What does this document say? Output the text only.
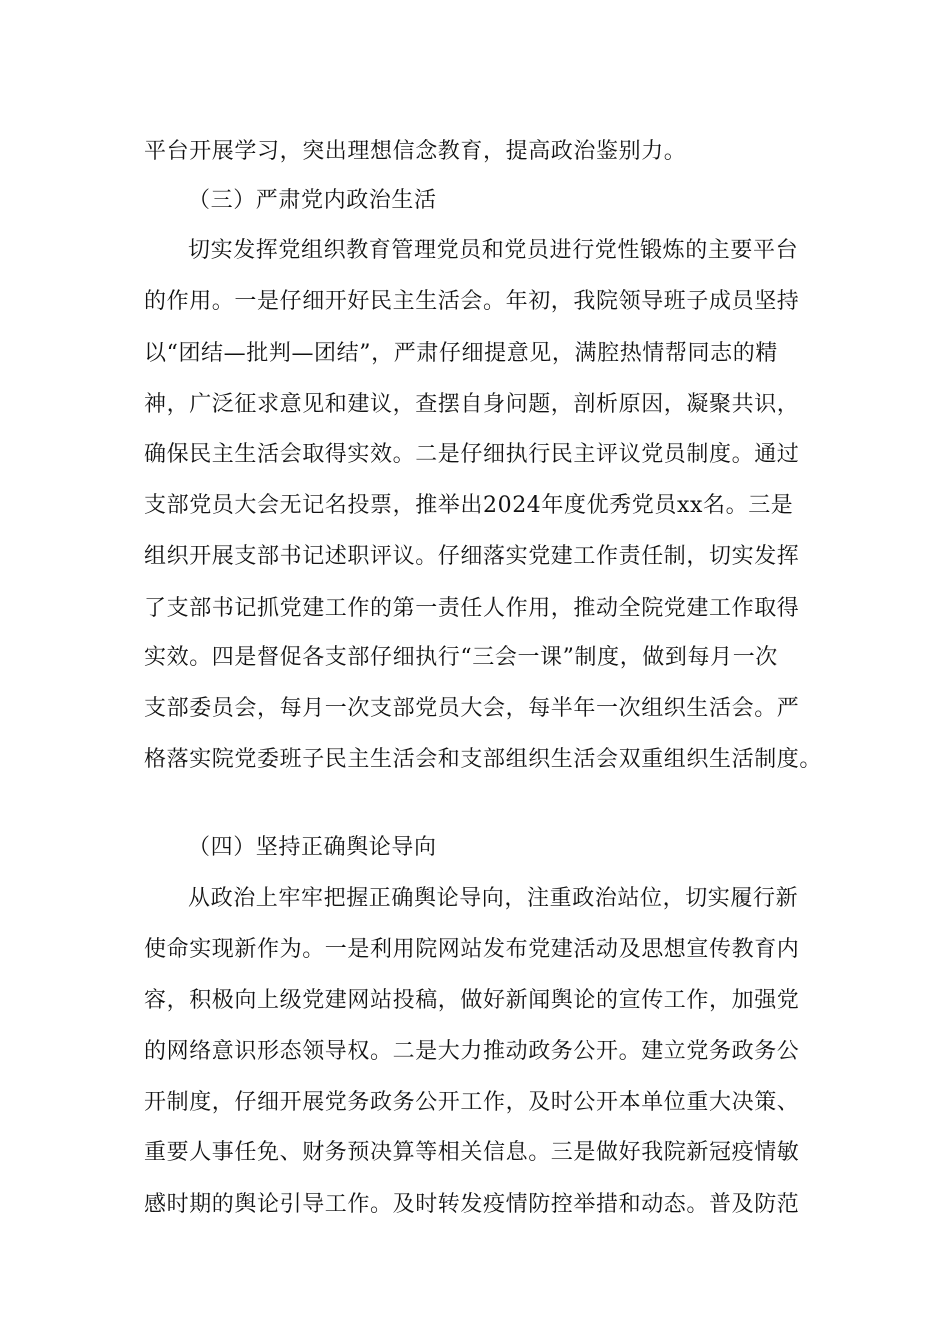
平台开展学习，突出理想信念教育，提高政治鉴别力。
（三）严肃党内政治生活
切实发挥党组织教育管理党员和党员进行党性锻炼的主要平台
的作用。一是仔细开好民主生活会。年初，我院领导班子成员坚持
以“团结—批判—团结”，严肃仔细提意见，满腔热情帮同志的精
神，广泛征求意见和建议，查摆自身问题，剖析原因，凝聚共识，
确保民主生活会取得实效。二是仔细执行民主评议党员制度。通过
支部党员大会无记名投票，推举出2024年度优秀党员xx名。三是
组织开展支部书记述职评议。仔细落实党建工作责任制，切实发挥
了支部书记抓党建工作的第一责任人作用，推动全院党建工作取得
实效。四是督促各支部仔细执行“三会一课”制度，做到每月一次
支部委员会，每月一次支部党员大会，每半年一次组织生活会。严
格落实院党委班子民主生活会和支部组织生活会双重组织生活制度。
（四）坚持正确舆论导向
从政治上牢牢把握正确舆论导向，注重政治站位，切实履行新
使命实现新作为。一是利用院网站发布党建活动及思想宣传教育内
容，积极向上级党建网站投稿，做好新闻舆论的宣传工作，加强党
的网络意识形态领导权。二是大力推动政务公开。建立党务政务公
开制度，仔细开展党务政务公开工作，及时公开本单位重大决策、
重要人事任免、财务预决算等相关信息。三是做好我院新冠疫情敏
感时期的舆论引导工作。及时转发疫情防控举措和动态。普及防范
